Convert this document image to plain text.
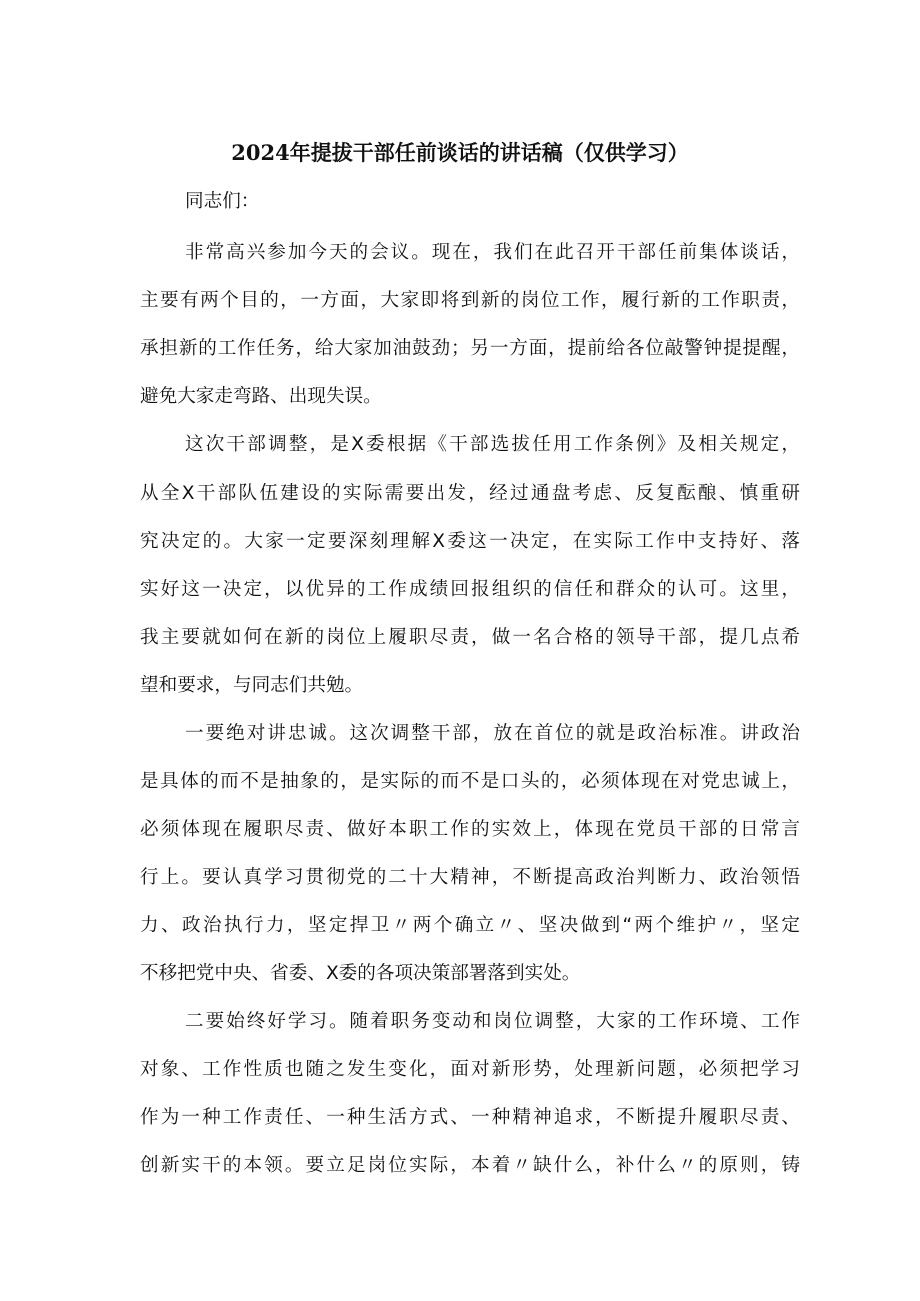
2024年提拔干部任前谈话的讲话稿（仅供学习）
同志们：
非常高兴参加今天的会议。现在，我们在此召开干部任前集体谈话，
主要有两个目的，一方面，大家即将到新的岗位工作，履行新的工作职责，
承担新的工作任务，给大家加油鼓劲；另一方面，提前给各位敲警钟提提醒，
避免大家走弯路、出现失误。
这次干部调整，是X委根据《干部选拔任用工作条例》及相关规定，
从全X干部队伍建设的实际需要出发，经过通盘考虑、反复酝酿、慎重研
究决定的。大家一定要深刻理解X委这一决定，在实际工作中支持好、落
实好这一决定，以优异的工作成绩回报组织的信任和群众的认可。这里，
我主要就如何在新的岗位上履职尽责，做一名合格的领导干部，提几点希
望和要求，与同志们共勉。
一要绝对讲忠诚。这次调整干部，放在首位的就是政治标准。讲政治
是具体的而不是抽象的，是实际的而不是口头的，必须体现在对党忠诚上，
必须体现在履职尽责、做好本职工作的实效上，体现在党员干部的日常言
行上。要认真学习贯彻党的二十大精神，不断提高政治判断力、政治领悟
力、政治执行力，坚定捍卫〃两个确立〃、坚决做到“两个维护〃，坚定
不移把党中央、省委、X委的各项决策部署落到实处。
二要始终好学习。随着职务变动和岗位调整，大家的工作环境、工作
对象、工作性质也随之发生变化，面对新形势，处理新问题，必须把学习
作为一种工作责任、一种生活方式、一种精神追求，不断提升履职尽责、
创新实干的本领。要立足岗位实际，本着〃缺什么，补什么〃的原则，铸
